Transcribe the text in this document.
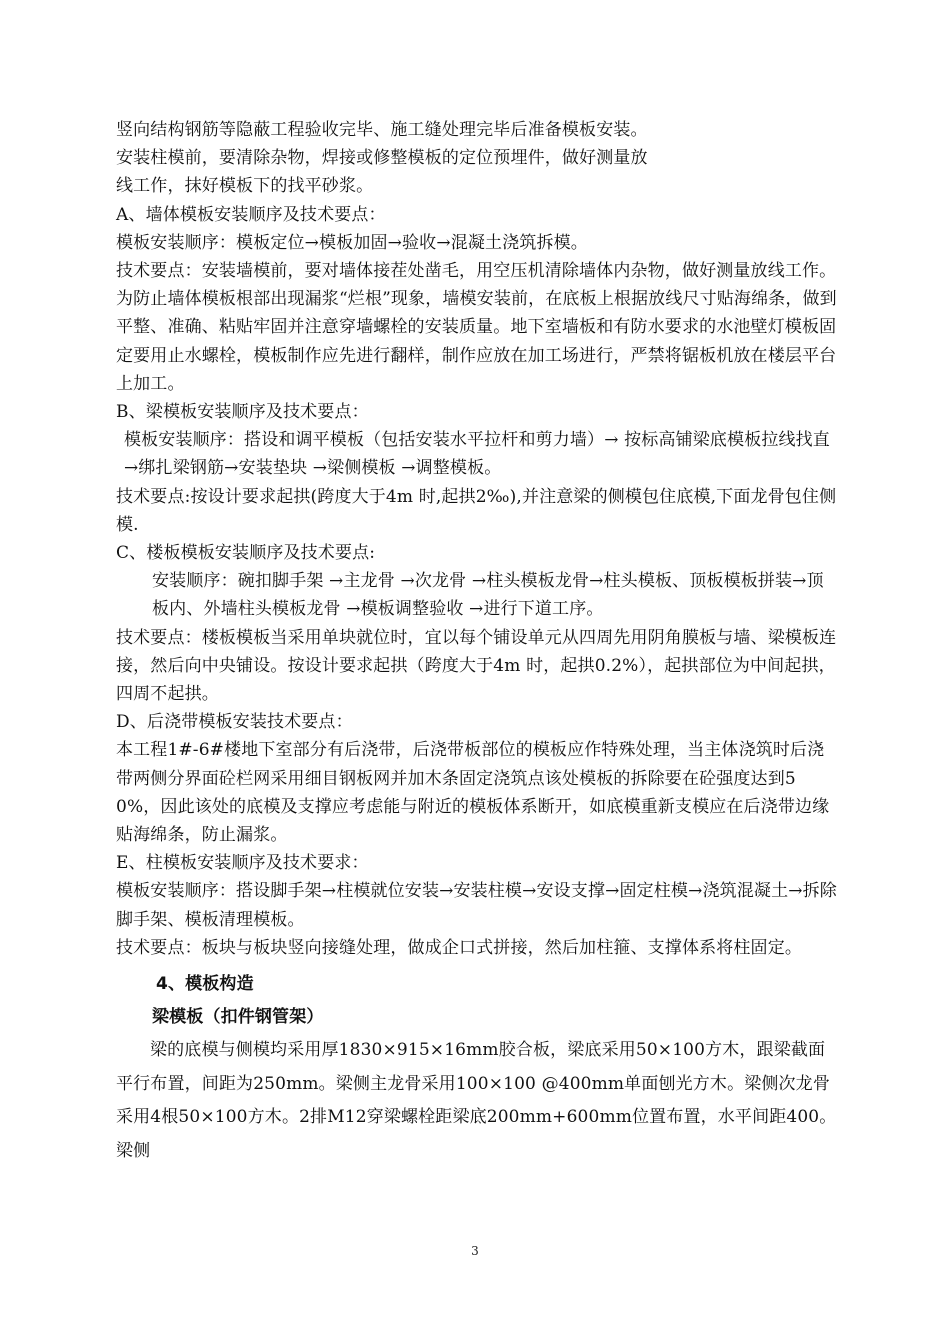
竖向结构钢筋等隐蔽工程验收完毕、施工缝处理完毕后准备模板安装。

安装柱模前，要清除杂物，焊接或修整模板的定位预埋件，做好测量放

线工作，抹好模板下的找平砂浆。

A、墙体模板安装顺序及技术要点：

模板安装顺序：模板定位→模板加固→验收→混凝土浇筑拆模。

技术要点：安装墙模前，要对墙体接茬处凿毛，用空压机清除墙体内杂物，做好测量放线工作。为防止墙体模板根部出现漏浆“烂根”现象，墙模安装前，在底板上根据放线尺寸贴海绵条，做到平整、准确、粘贴牢固并注意穿墙螺栓的安装质量。地下室墙板和有防水要求的水池壁灯模板固定要用止水螺栓，模板制作应先进行翻样，制作应放在加工场进行，严禁将锯板机放在楼层平台上加工。

B、梁模板安装顺序及技术要点：

模板安装顺序：搭设和调平模板（包括安装水平拉杆和剪力墙）→ 按标高铺梁底模板拉线找直→绑扎梁钢筋→安装垫块 →梁侧模板 →调整模板。

技术要点:按设计要求起拱(跨度大于4m 时,起拱2‰),并注意梁的侧模包住底模,下面龙骨包住侧模.

C、楼板模板安装顺序及技术要点:

安装顺序：碗扣脚手架 →主龙骨 →次龙骨 →柱头模板龙骨→柱头模板、顶板模板拼装→顶板内、外墙柱头模板龙骨 →模板调整验收 →进行下道工序。

技术要点：楼板模板当采用单块就位时，宜以每个铺设单元从四周先用阴角膜板与墙、梁模板连接，然后向中央铺设。按设计要求起拱（跨度大于4m 时，起拱0.2%），起拱部位为中间起拱，四周不起拱。

D、后浇带模板安装技术要点：

本工程1#-6#楼地下室部分有后浇带，后浇带板部位的模板应作特殊处理，当主体浇筑时后浇带两侧分界面砼栏网采用细目钢板网并加木条固定浇筑点该处模板的拆除要在砼强度达到50%，因此该处的底模及支撑应考虑能与附近的模板体系断开，如底模重新支模应在后浇带边缘贴海绵条，防止漏浆。

E、柱模板安装顺序及技术要求：

模板安装顺序：搭设脚手架→柱模就位安装→安装柱模→安设支撑→固定柱模→浇筑混凝土→拆除脚手架、模板清理模板。

技术要点：板块与板块竖向接缝处理，做成企口式拼接，然后加柱箍、支撑体系将柱固定。

4、模板构造

梁模板（扣件钢管架）

梁的底模与侧模均采用厚1830×915×16mm胶合板，梁底采用50×100方木，跟梁截面平行布置，间距为250mm。梁侧主龙骨采用100×100 @400mm单面刨光方木。梁侧次龙骨采用4根50×100方木。2排M12穿梁螺栓距梁底200mm+600mm位置布置，水平间距400。梁侧

3
